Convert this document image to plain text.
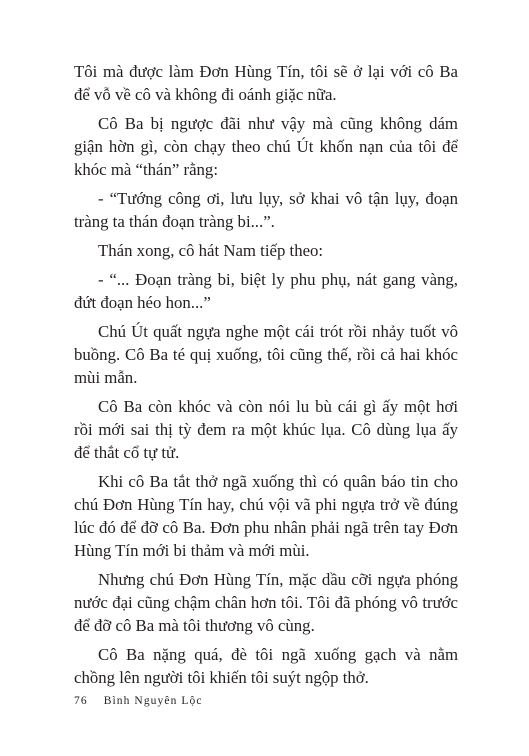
Tôi mà được làm Đơn Hùng Tín, tôi sẽ ở lại với cô Ba để vỗ về cô và không đi oánh giặc nữa.

Cô Ba bị ngược đãi như vậy mà cũng không dám giận hờn gì, còn chạy theo chú Út khốn nạn của tôi để khóc mà “thán” rằng:

- “Tướng công ơi, lưu lụy, sở khai vô tận lụy, đoạn tràng ta thán đoạn tràng bi...”.

Thán xong, cô hát Nam tiếp theo:

- “... Đoạn tràng bi, biệt ly phu phụ, nát gang vàng, đứt đoạn héo hon...”

Chú Út quất ngựa nghe một cái trót rồi nhảy tuốt vô buồng. Cô Ba té quị xuống, tôi cũng thế, rồi cả hai khóc mùi mẫn.

Cô Ba còn khóc và còn nói lu bù cái gì ấy một hơi rồi mới sai thị tỳ đem ra một khúc lụa. Cô dùng lụa ấy để thắt cổ tự tử.

Khi cô Ba tắt thở ngã xuống thì có quân báo tin cho chú Đơn Hùng Tín hay, chú vội vã phi ngựa trở về đúng lúc đó để đỡ cô Ba. Đơn phu nhân phải ngã trên tay Đơn Hùng Tín mới bi thảm và mới mùi.

Nhưng chú Đơn Hùng Tín, mặc dầu cỡi ngựa phóng nước đại cũng chậm chân hơn tôi. Tôi đã phóng vô trước để đỡ cô Ba mà tôi thương vô cùng.

Cô Ba nặng quá, đè tôi ngã xuống gạch và nằm chồng lên người tôi khiến tôi suýt ngộp thở.

76 Bình Nguyên Lộc
